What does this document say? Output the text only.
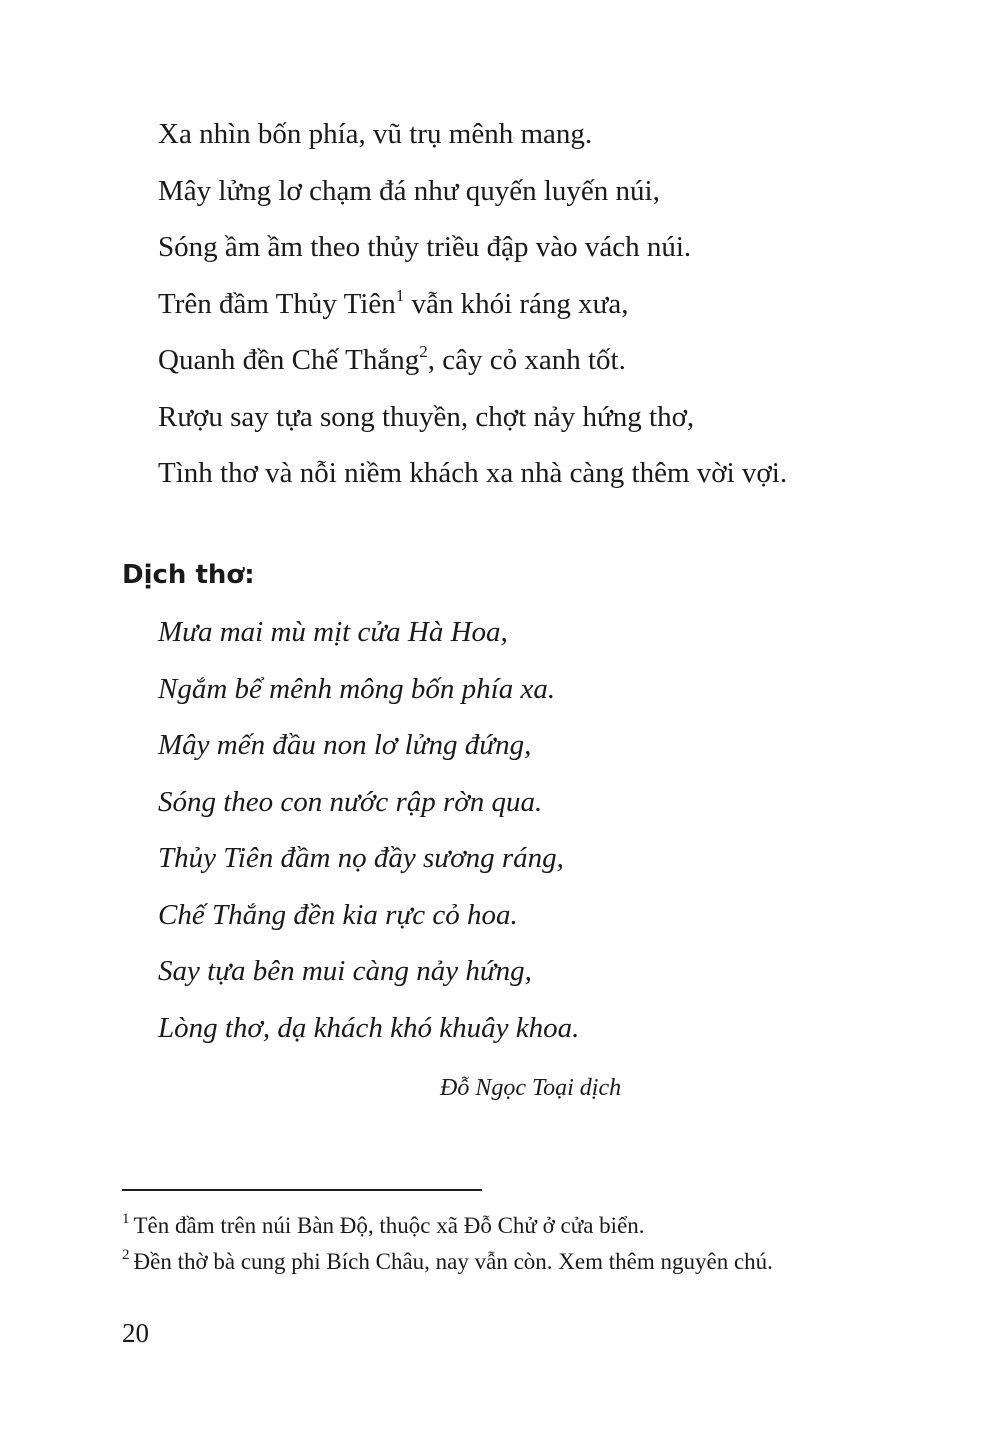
Xa nhìn bốn phía, vũ trụ mênh mang.
Mây lửng lơ chạm đá như quyến luyến núi,
Sóng ầm ầm theo thủy triều đập vào vách núi.
Trên đầm Thủy Tiên$^1$ vẫn khói ráng xưa,
Quanh đền Chế Thắng$^2$, cây cỏ xanh tốt.
Rượu say tựa song thuyền, chợt nảy hứng thơ,
Tình thơ và nỗi niềm khách xa nhà càng thêm vời vợi.
Dịch thơ:
Mưa mai mù mịt cửa Hà Hoa,
Ngắm bể mênh mông bốn phía xa.
Mây mến đầu non lơ lửng đứng,
Sóng theo con nước rập rờn qua.
Thủy Tiên đầm nọ đầy sương ráng,
Chế Thắng đền kia rực cỏ hoa.
Say tựa bên mui càng nảy hứng,
Lòng thơ, dạ khách khó khuây khoa.
Đỗ Ngọc Toại dịch
$^1$ Tên đầm trên núi Bàn Độ, thuộc xã Đỗ Chử ở cửa biển.
$^2$ Đền thờ bà cung phi Bích Châu, nay vẫn còn. Xem thêm nguyên chú.
20
